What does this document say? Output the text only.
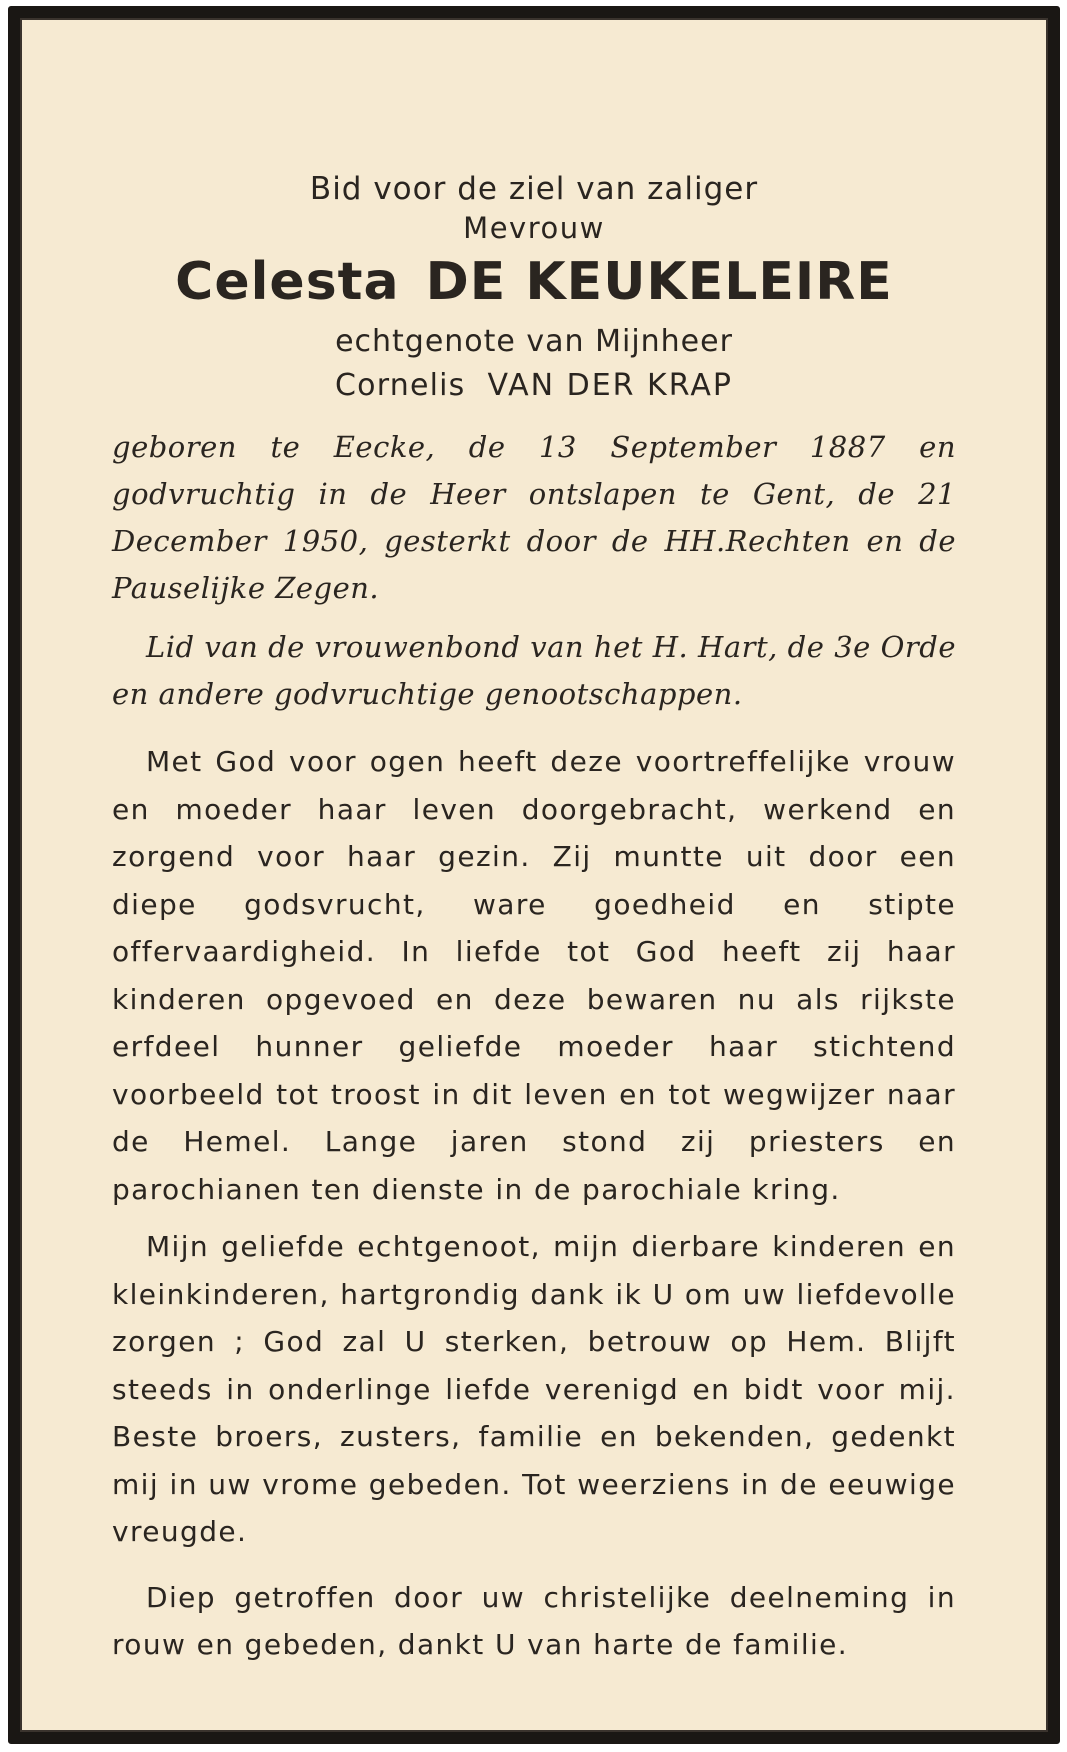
Bid voor de ziel van zaliger
Mevrouw
Celesta DE KEUKELEIRE
echtgenote van Mijnheer
Cornelis VAN DER KRAP

geboren te Eecke, de 13 September 1887 en godvruchtig in de Heer ontslapen te Gent, de 21 December 1950, gesterkt door de HH.Rechten en de Pauselijke Zegen.

Lid van de vrouwenbond van het H. Hart, de 3e Orde en andere godvruchtige genootschappen.

Met God voor ogen heeft deze voortreffelijke vrouw en moeder haar leven doorgebracht, werkend en zorgend voor haar gezin. Zij muntte uit door een diepe godsvrucht, ware goedheid en stipte offervaardigheid. In liefde tot God heeft zij haar kinderen opgevoed en deze bewaren nu als rijkste erfdeel hunner geliefde moeder haar stichtend voorbeeld tot troost in dit leven en tot wegwijzer naar de Hemel. Lange jaren stond zij priesters en parochianen ten dienste in de parochiale kring.

Mijn geliefde echtgenoot, mijn dierbare kinderen en kleinkinderen, hartgrondig dank ik U om uw liefdevolle zorgen ; God zal U sterken, betrouw op Hem. Blijft steeds in onderlinge liefde verenigd en bidt voor mij. Beste broers, zusters, familie en bekenden, gedenkt mij in uw vrome gebeden. Tot weerziens in de eeuwige vreugde.

Diep getroffen door uw christelijke deelneming in rouw en gebeden, dankt U van harte de familie.
